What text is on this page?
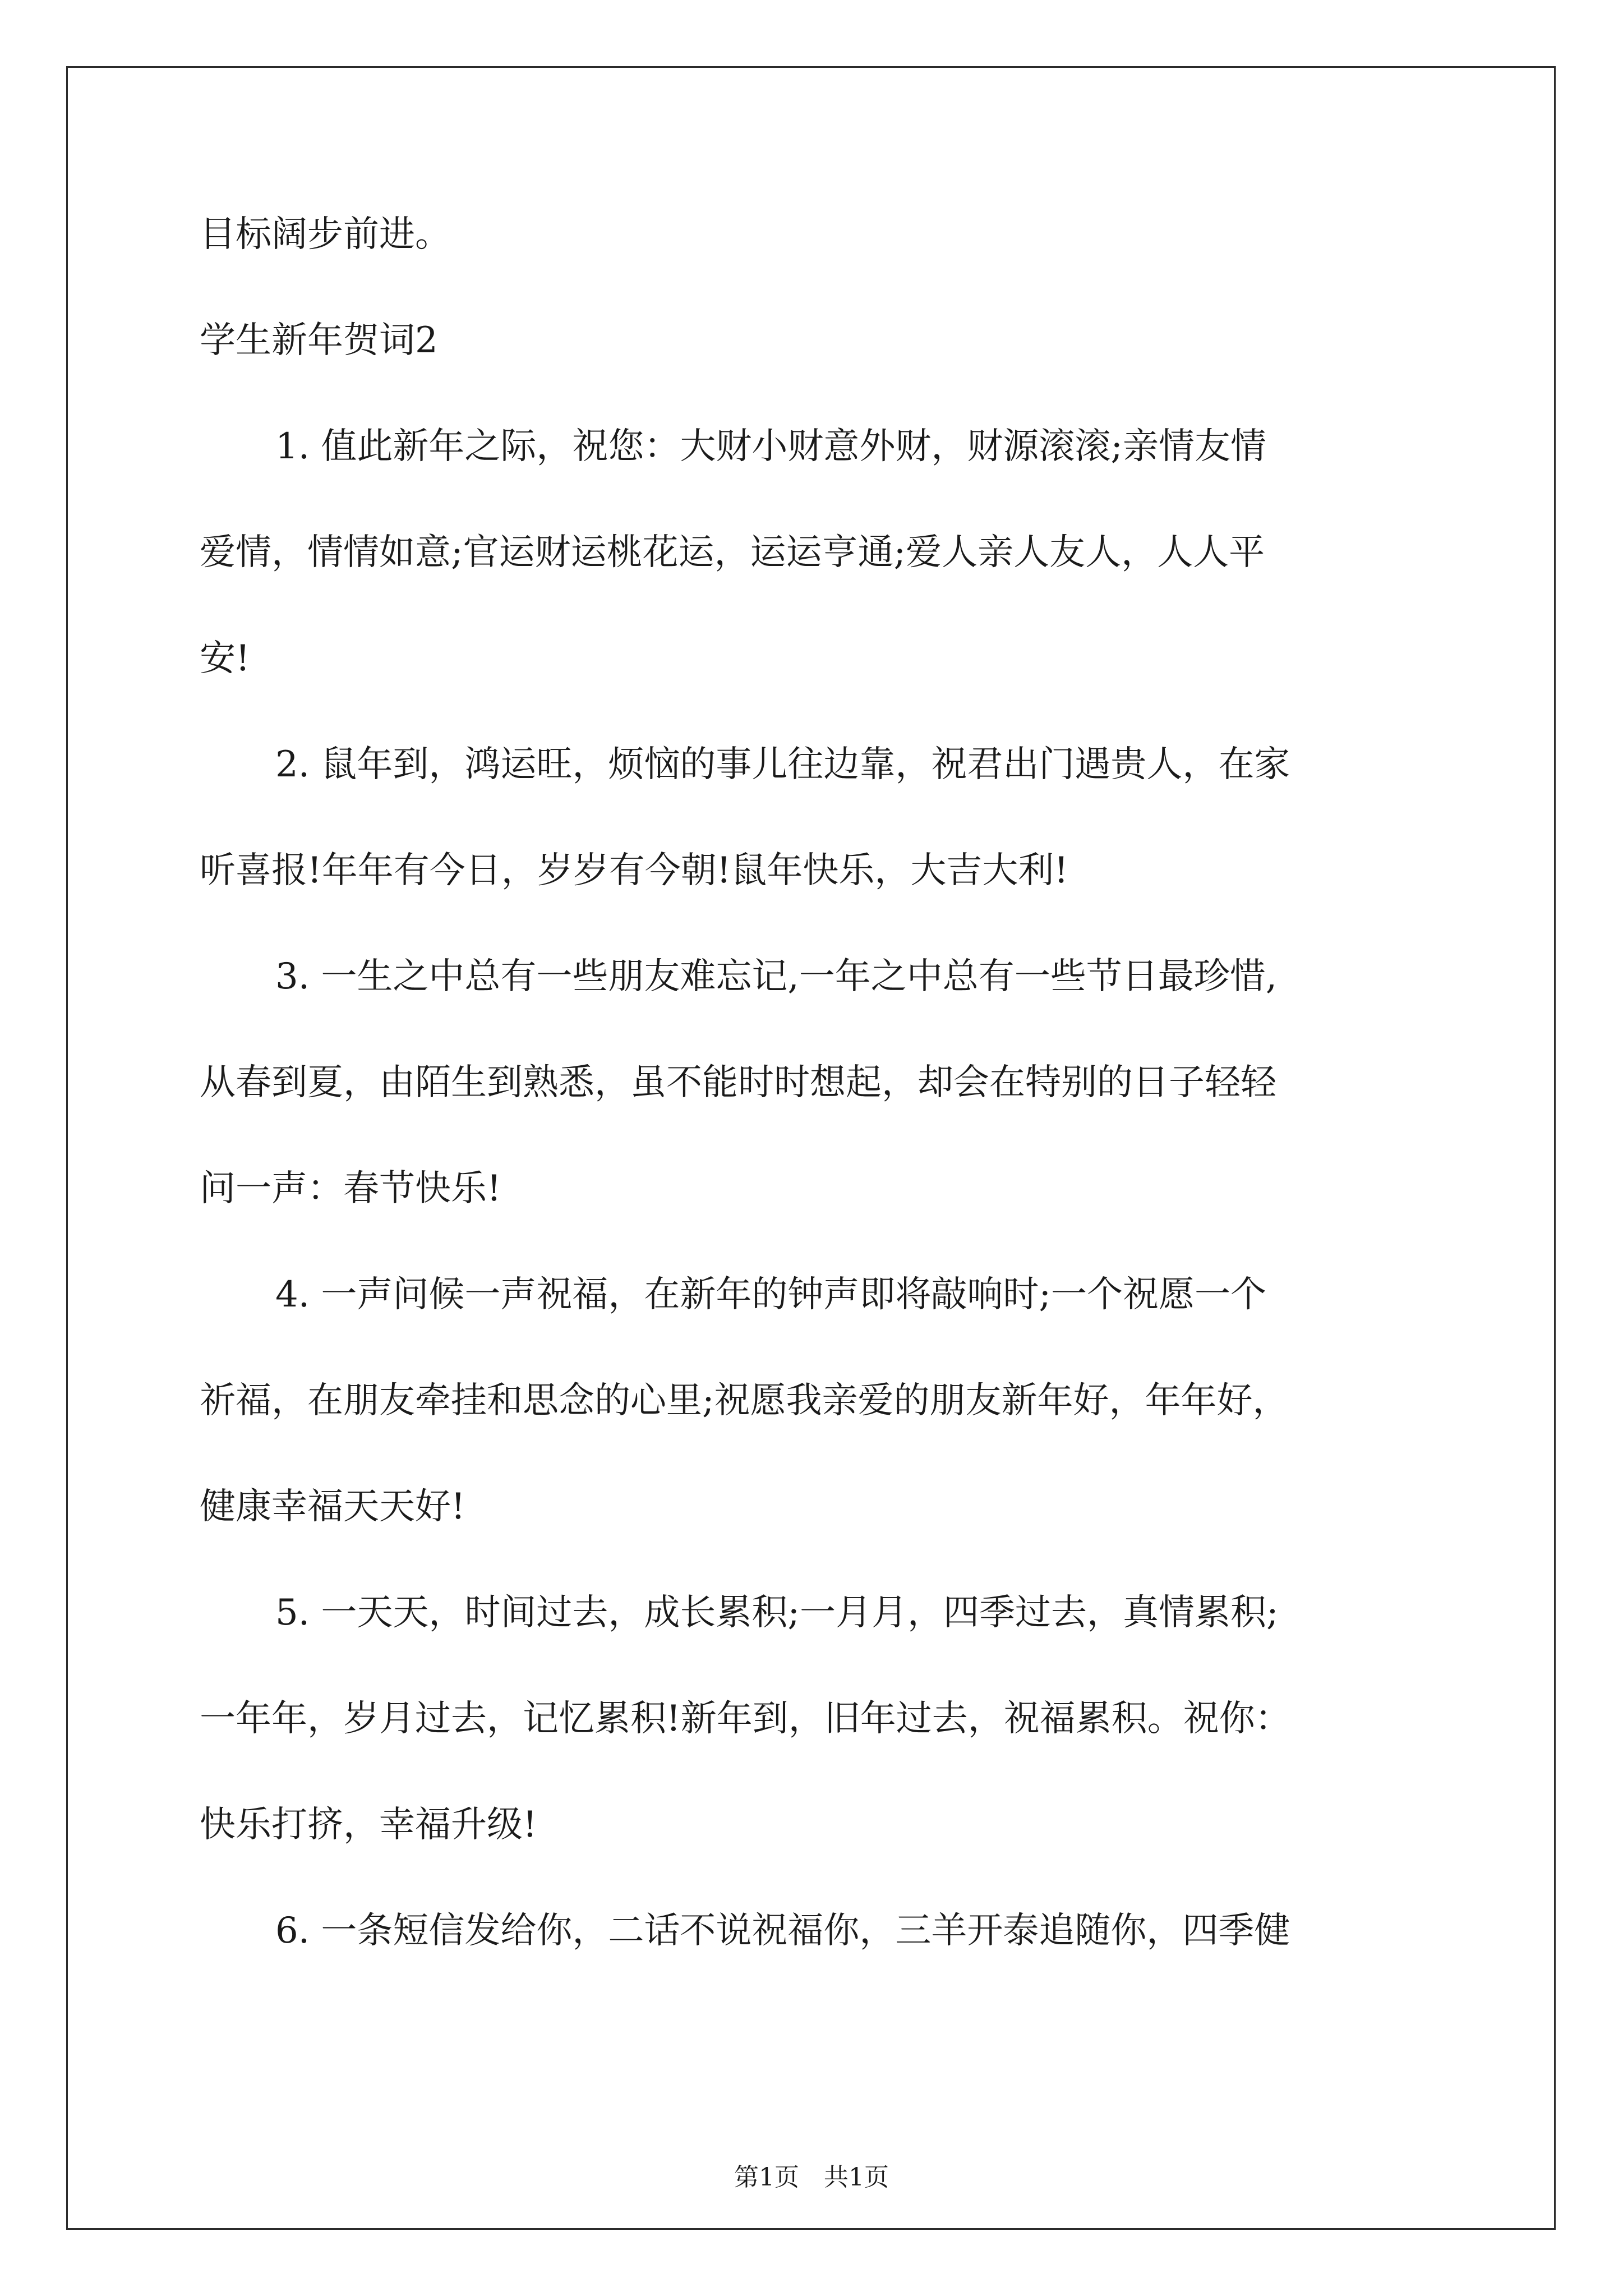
目标阔步前进。
学生新年贺词2
1. 值此新年之际，祝您：大财小财意外财，财源滚滚;亲情友情
爱情，情情如意;官运财运桃花运，运运亨通;爱人亲人友人，人人平
安!
2. 鼠年到，鸿运旺，烦恼的事儿往边靠，祝君出门遇贵人，在家
听喜报!年年有今日，岁岁有今朝!鼠年快乐，大吉大利!
3. 一生之中总有一些朋友难忘记,一年之中总有一些节日最珍惜,
从春到夏，由陌生到熟悉，虽不能时时想起，却会在特别的日子轻轻
问一声：春节快乐!
4. 一声问候一声祝福，在新年的钟声即将敲响时;一个祝愿一个
祈福，在朋友牵挂和思念的心里;祝愿我亲爱的朋友新年好，年年好，
健康幸福天天好!
5. 一天天，时间过去，成长累积;一月月，四季过去，真情累积;
一年年，岁月过去，记忆累积!新年到，旧年过去，祝福累积。祝你：
快乐打挤，幸福升级!
6. 一条短信发给你，二话不说祝福你，三羊开泰追随你，四季健
第1页 共1页
